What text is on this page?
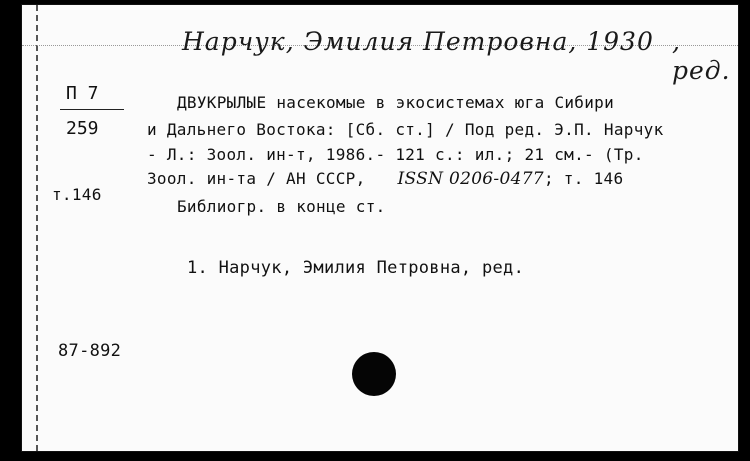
Нарчук, Эмилия Петровна, 1930 , ред.
П 7
259
ДВУКРЫЛЫЕ насекомые в экосистемах юга Сибири
и Дальнего Востока: [Сб. ст.] / Под ред. Э.П. Нарчук
- Л.: Зоол. ин-т, 1986.- 121 с.: ил.; 21 см.- (Тр.
т.146
Зоол. ин-та / АН СССР, ISSN 0206-0477; т. 146
Библиогр. в конце ст.
1. Нарчук, Эмилия Петровна, ред.
87-892
